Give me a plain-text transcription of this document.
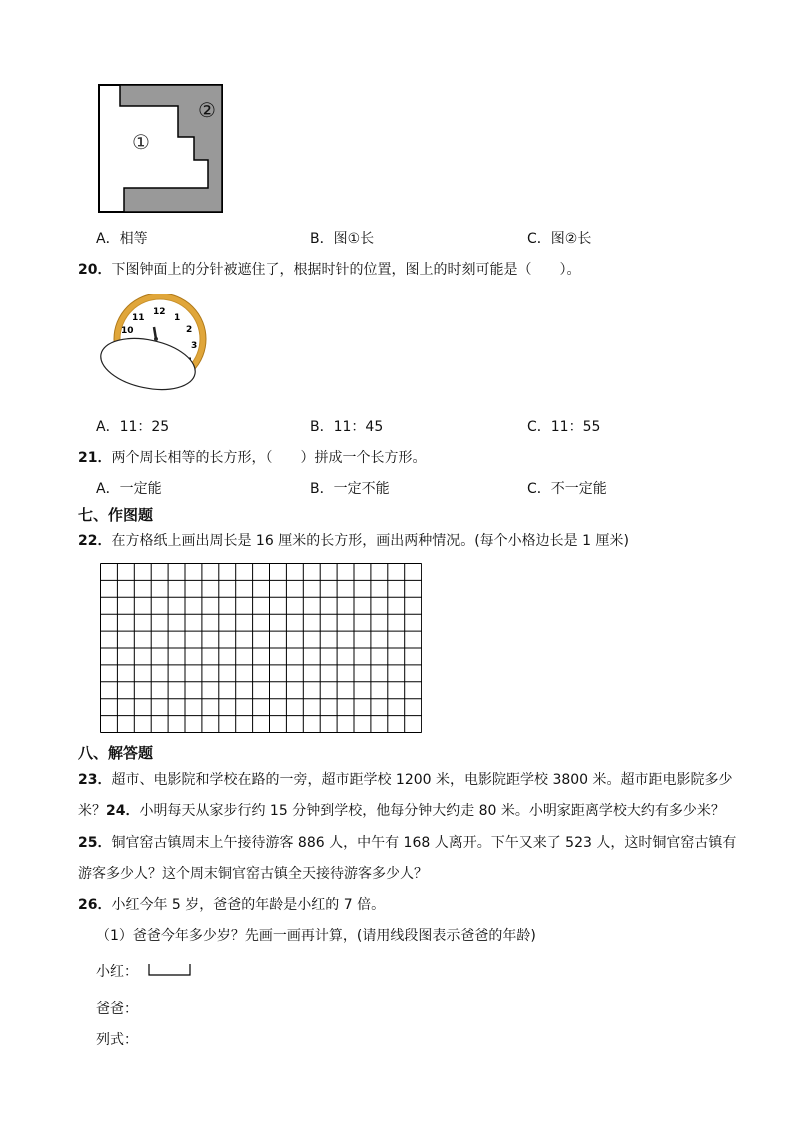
①
②
A．相等	B．图①长	C．图②长
20．下图钟面上的分针被遮住了，根据时针的位置，图上的时刻可能是（　　）。
12
1
2
3
10
11
A．11：25	B．11：45	C．11：55
21．两个周长相等的长方形，（　　）拼成一个长方形。
A．一定能	B．一定不能	C．不一定能
七、作图题
22．在方格纸上画出周长是 16 厘米的长方形，画出两种情况。(每个小格边长是 1 厘米)
八、解答题
23．超市、电影院和学校在路的一旁，超市距学校 1200 米，电影院距学校 3800 米。超市距电影院多少
米？24．小明每天从家步行约 15 分钟到学校，他每分钟大约走 80 米。小明家距离学校大约有多少米？
25．铜官窑古镇周末上午接待游客 886 人，中午有 168 人离开。下午又来了 523 人，这时铜官窑古镇有
游客多少人？这个周末铜官窑古镇全天接待游客多少人？
26．小红今年 5 岁，爸爸的年龄是小红的 7 倍。
（1）爸爸今年多少岁？先画一画再计算，(请用线段图表示爸爸的年龄)
小红：
爸爸：
列式：
